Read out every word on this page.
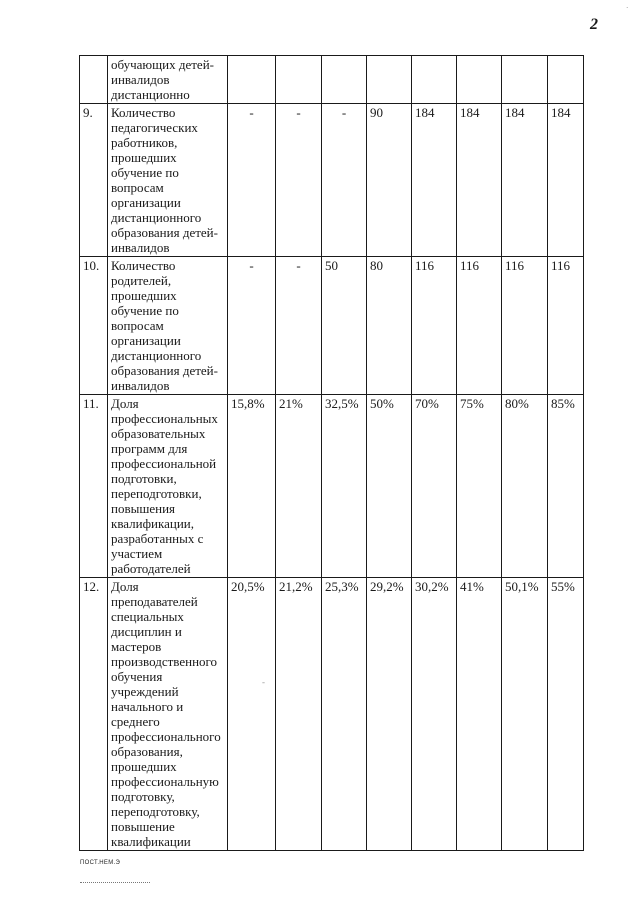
2
·
	обучающих детей-инвалидов дистанционно								
9.	Количество педагогических работников, прошедших обучение по вопросам организации дистанционного образования детей-инвалидов	-	-	-	90	184	184	184	184
10.	Количество родителей, прошедших обучение по вопросам организации дистанционного образования детей-инвалидов	-	-	50	80	116	116	116	116
11.	Доля профессиональных образовательных программ для профессиональной подготовки, переподготовки, повышения квалификации, разработанных с участием работодателей	15,8%	21%	32,5%	50%	70%	75%	80%	85%
12.	Доля преподавателей специальных дисциплин и мастеров производственного обучения учреждений начального и среднего профессионального образования, прошедших профессиональную подготовку, переподготовку, повышение квалификации	20,5%	21,2%	25,3%	29,2%	30,2%	41%	50,1%	55%
-
ПОСТ.НЕМ.Э
